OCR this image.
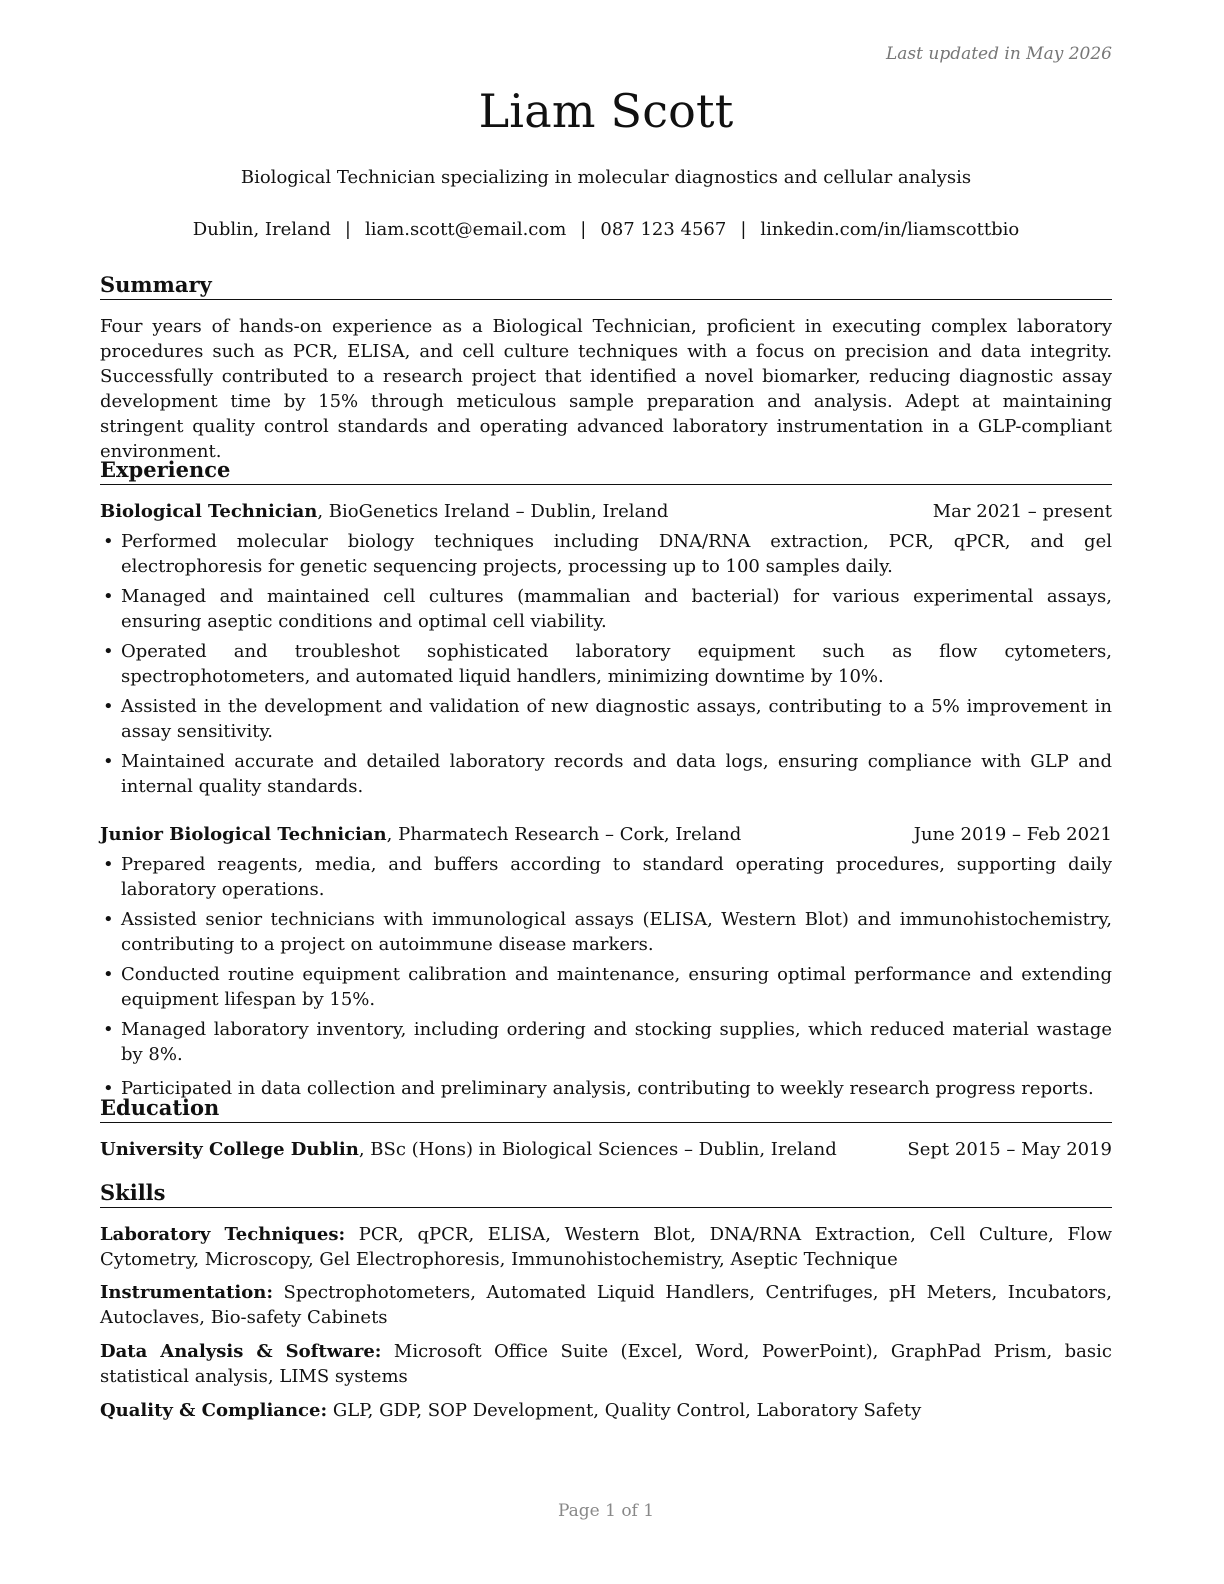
Last updated in May 2026
Liam Scott
Biological Technician specializing in molecular diagnostics and cellular analysis
Dublin, Ireland | liam.scott@email.com | 087 123 4567 | linkedin.com/in/liamscottbio
Summary
Four years of hands-on experience as a Biological Technician, proficient in executing complex laboratory procedures such as PCR, ELISA, and cell culture techniques with a focus on precision and data integrity. Successfully contributed to a research project that identified a novel biomarker, reducing diagnostic assay development time by 15% through meticulous sample preparation and analysis. Adept at maintaining stringent quality control standards and operating advanced laboratory instrumentation in a GLP-compliant environment.
Experience
Biological Technician, BioGenetics Ireland – Dublin, Ireland	Mar 2021 – present
• Performed molecular biology techniques including DNA/RNA extraction, PCR, qPCR, and gel electrophoresis for genetic sequencing projects, processing up to 100 samples daily.
• Managed and maintained cell cultures (mammalian and bacterial) for various experimental assays, ensuring aseptic conditions and optimal cell viability.
• Operated and troubleshot sophisticated laboratory equipment such as flow cytometers, spectrophotometers, and automated liquid handlers, minimizing downtime by 10%.
• Assisted in the development and validation of new diagnostic assays, contributing to a 5% improvement in assay sensitivity.
• Maintained accurate and detailed laboratory records and data logs, ensuring compliance with GLP and internal quality standards.
Junior Biological Technician, Pharmatech Research – Cork, Ireland	June 2019 – Feb 2021
• Prepared reagents, media, and buffers according to standard operating procedures, supporting daily laboratory operations.
• Assisted senior technicians with immunological assays (ELISA, Western Blot) and immunohistochemistry, contributing to a project on autoimmune disease markers.
• Conducted routine equipment calibration and maintenance, ensuring optimal performance and extending equipment lifespan by 15%.
• Managed laboratory inventory, including ordering and stocking supplies, which reduced material wastage by 8%.
• Participated in data collection and preliminary analysis, contributing to weekly research progress reports.
Education
University College Dublin, BSc (Hons) in Biological Sciences – Dublin, Ireland	Sept 2015 – May 2019
Skills
Laboratory Techniques: PCR, qPCR, ELISA, Western Blot, DNA/RNA Extraction, Cell Culture, Flow Cytometry, Microscopy, Gel Electrophoresis, Immunohistochemistry, Aseptic Technique
Instrumentation: Spectrophotometers, Automated Liquid Handlers, Centrifuges, pH Meters, Incubators, Autoclaves, Bio-safety Cabinets
Data Analysis & Software: Microsoft Office Suite (Excel, Word, PowerPoint), GraphPad Prism, basic statistical analysis, LIMS systems
Quality & Compliance: GLP, GDP, SOP Development, Quality Control, Laboratory Safety
Page 1 of 1
